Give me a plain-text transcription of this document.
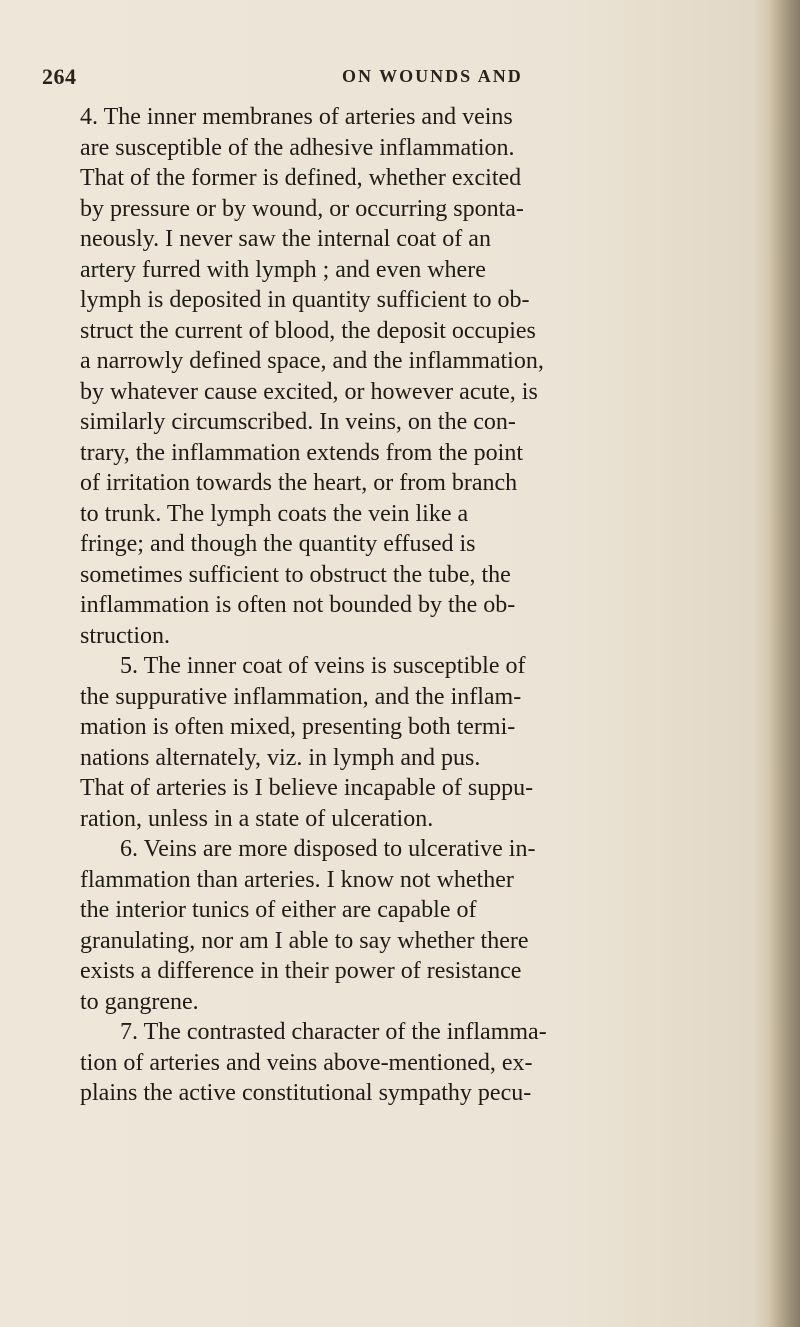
264	ON WOUNDS AND
4. The inner membranes of arteries and veins
are susceptible of the adhesive inflammation.
That of the former is defined, whether excited
by pressure or by wound, or occurring sponta-
neously. I never saw the internal coat of an
artery furred with lymph ; and even where
lymph is deposited in quantity sufficient to ob-
struct the current of blood, the deposit occupies
a narrowly defined space, and the inflammation,
by whatever cause excited, or however acute, is
similarly circumscribed. In veins, on the con-
trary, the inflammation extends from the point
of irritation towards the heart, or from branch
to trunk. The lymph coats the vein like a
fringe; and though the quantity effused is
sometimes sufficient to obstruct the tube, the
inflammation is often not bounded by the ob-
struction.
5. The inner coat of veins is susceptible of
the suppurative inflammation, and the inflam-
mation is often mixed, presenting both termi-
nations alternately, viz. in lymph and pus.
That of arteries is I believe incapable of suppu-
ration, unless in a state of ulceration.
6. Veins are more disposed to ulcerative in-
flammation than arteries. I know not whether
the interior tunics of either are capable of
granulating, nor am I able to say whether there
exists a difference in their power of resistance
to gangrene.
7. The contrasted character of the inflamma-
tion of arteries and veins above-mentioned, ex-
plains the active constitutional sympathy pecu-
